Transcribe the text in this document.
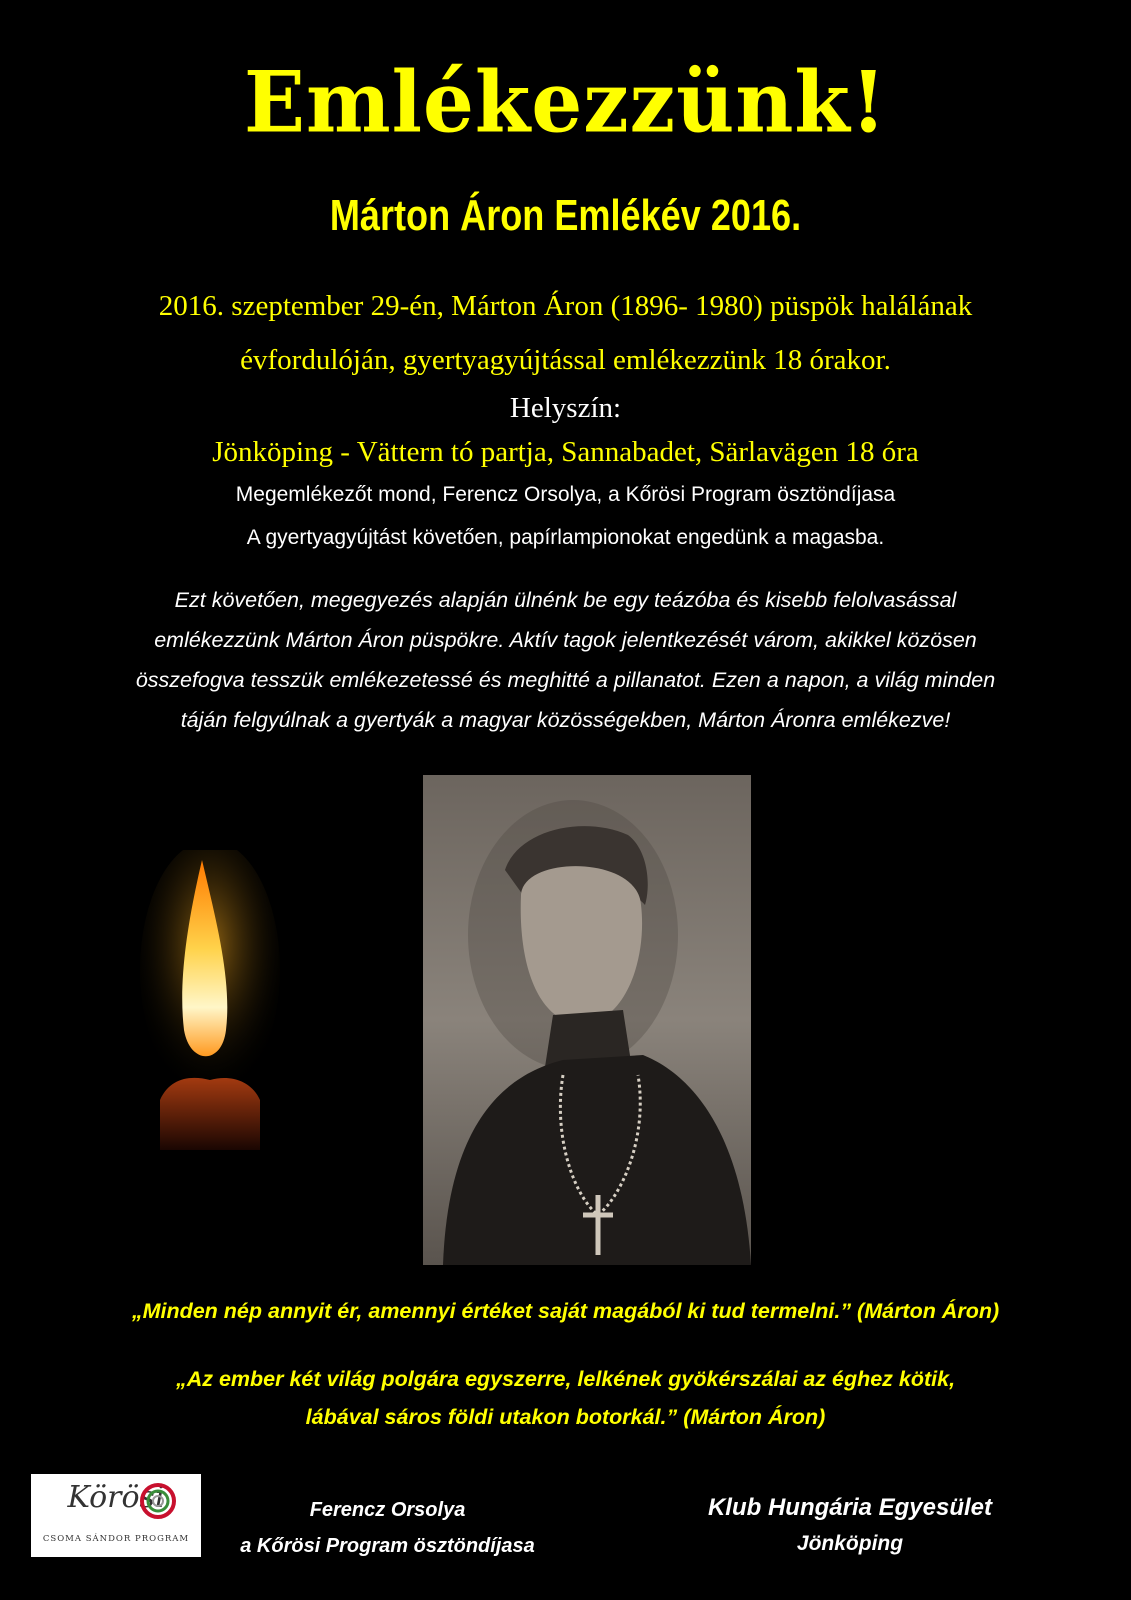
Emlékezzünk!
Márton Áron Emlékév 2016.
2016. szeptember 29-én, Márton Áron (1896- 1980) püspök halálának
évfordulóján, gyertyagyújtással emlékezzünk 18 órakor.
Helyszín:
Jönköping - Vättern tó partja, Sannabadet, Särlavägen 18 óra
Megemlékezőt mond, Ferencz Orsolya, a Kőrösi Program ösztöndíjasa
A gyertyagyújtást követően, papírlampionokat engedünk a magasba.
Ezt követően, megegyezés alapján ülnénk be egy teázóba és kisebb felolvasással
emlékezzünk Márton Áron püspökre. Aktív tagok jelentkezését várom, akikkel közösen
összefogva tesszük emlékezetessé és meghitté a pillanatot. Ezen a napon, a világ minden
táján felgyúlnak a gyertyák a magyar közösségekben, Márton Áronra emlékezve!
„Minden nép annyit ér, amennyi értéket saját magából ki tud termelni.” (Márton Áron)
„Az ember két világ polgára egyszerre, lelkének gyökérszálai az éghez kötik,
lábával sáros földi utakon botorkál.” (Márton Áron)
Körösi
CSOMA SÁNDOR PROGRAM
Ferencz Orsolya
a Kőrösi Program ösztöndíjasa
Klub Hungária Egyesület
Jönköping
